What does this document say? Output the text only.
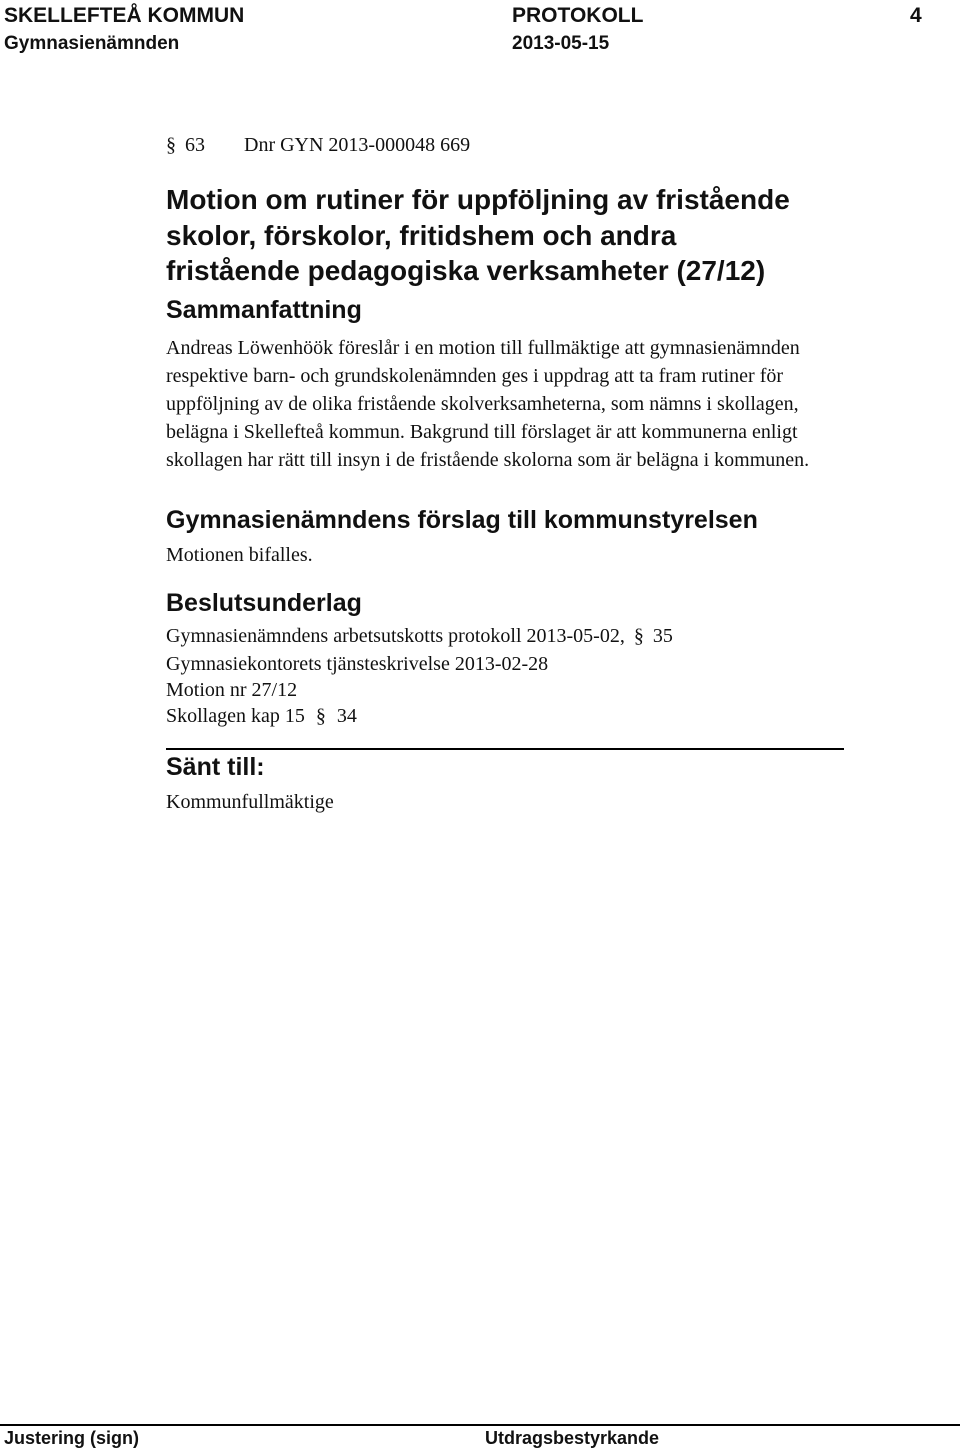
SKELLEFTEÅ KOMMUN	PROTOKOLL	4
Gymnasienämnden	2013-05-15
§ 63 Dnr GYN 2013-000048 669
Motion om rutiner för uppföljning av fristående
skolor, förskolor, fritidshem och andra
fristående pedagogiska verksamheter (27/12)
Sammanfattning
Andreas Löwenhöök föreslår i en motion till fullmäktige att gymnasienämnden
respektive barn- och grundskolenämnden ges i uppdrag att ta fram rutiner för
uppföljning av de olika fristående skolverksamheterna, som nämns i skollagen,
belägna i Skellefteå kommun. Bakgrund till förslaget är att kommunerna enligt
skollagen har rätt till insyn i de fristående skolorna som är belägna i kommunen.
Gymnasienämndens förslag till kommunstyrelsen
Motionen bifalles.
Beslutsunderlag
Gymnasienämndens arbetsutskotts protokoll 2013-05-02, § 35
Gymnasiekontorets tjänsteskrivelse 2013-02-28
Motion nr 27/12
Skollagen kap 15 § 34
Sänt till:
Kommunfullmäktige
Justering (sign)	Utdragsbestyrkande
